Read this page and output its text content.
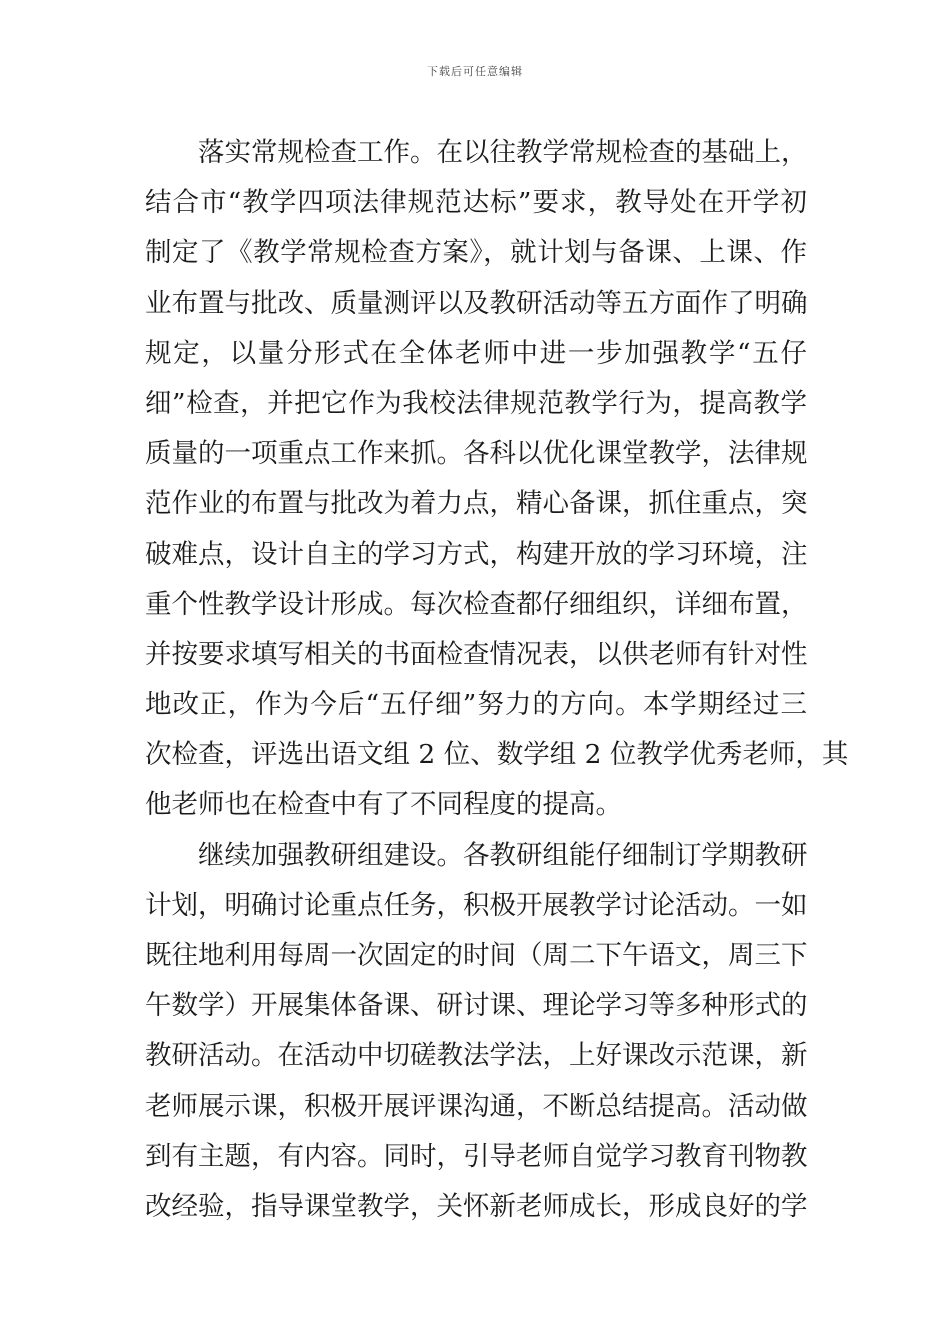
下载后可任意编辑
落实常规检查工作。在以往教学常规检查的基础上，
结合市“教学四项法律规范达标”要求，教导处在开学初
制定了《教学常规检查方案》，就计划与备课、上课、作
业布置与批改、质量测评以及教研活动等五方面作了明确
规定，以量分形式在全体老师中进一步加强教学“五仔
细”检查，并把它作为我校法律规范教学行为，提高教学
质量的一项重点工作来抓。各科以优化课堂教学，法律规
范作业的布置与批改为着力点，精心备课，抓住重点，突
破难点，设计自主的学习方式，构建开放的学习环境，注
重个性教学设计形成。每次检查都仔细组织，详细布置，
并按要求填写相关的书面检查情况表，以供老师有针对性
地改正，作为今后“五仔细”努力的方向。本学期经过三
次检查，评选出语文组 2 位、数学组 2 位教学优秀老师，其
他老师也在检查中有了不同程度的提高。
继续加强教研组建设。各教研组能仔细制订学期教研
计划，明确讨论重点任务，积极开展教学讨论活动。一如
既往地利用每周一次固定的时间（周二下午语文，周三下
午数学）开展集体备课、研讨课、理论学习等多种形式的
教研活动。在活动中切磋教法学法，上好课改示范课，新
老师展示课，积极开展评课沟通，不断总结提高。活动做
到有主题，有内容。同时，引导老师自觉学习教育刊物教
改经验，指导课堂教学，关怀新老师成长，形成良好的学
